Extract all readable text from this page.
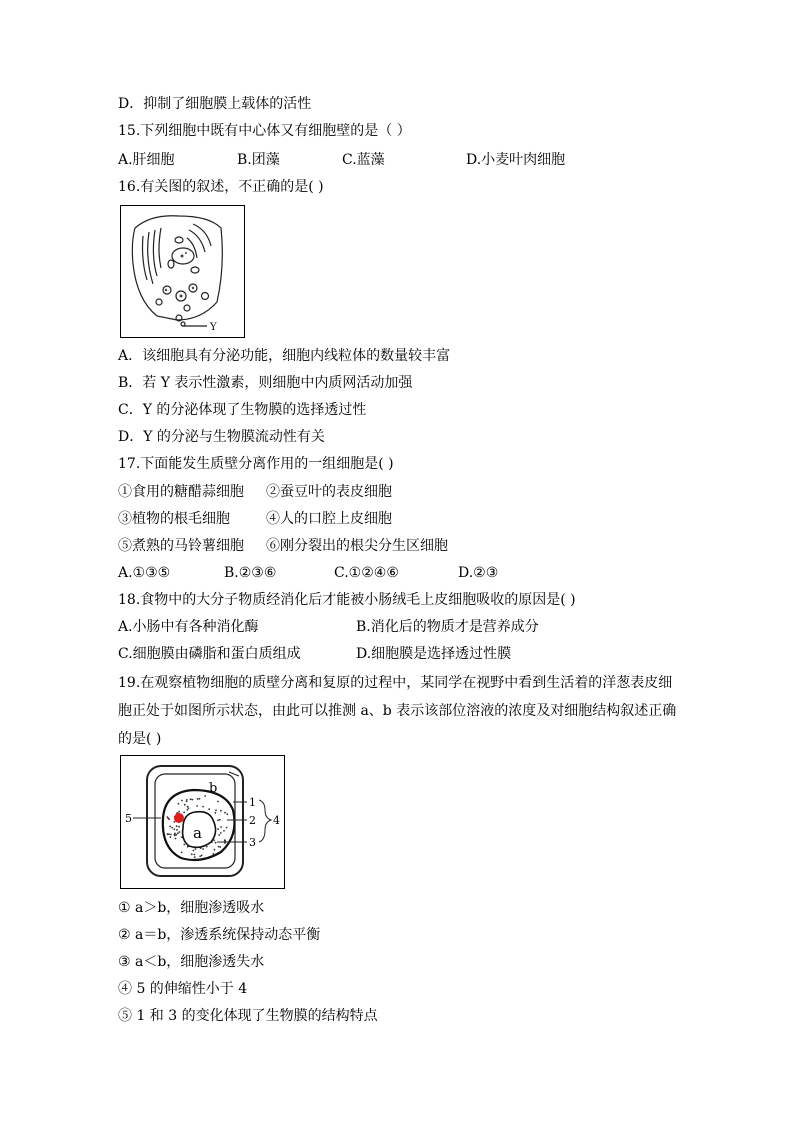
D．抑制了细胞膜上载体的活性
15.下列细胞中既有中心体又有细胞壁的是（ ）
A.肝细胞	B.团藻	C.蓝藻	D.小麦叶肉细胞
16.有关图的叙述，不正确的是( )
Y
A．该细胞具有分泌功能，细胞内线粒体的数量较丰富
B．若 Y 表示性激素，则细胞中内质网活动加强
C．Y 的分泌体现了生物膜的选择透过性
D．Y 的分泌与生物膜流动性有关
17.下面能发生质壁分离作用的一组细胞是( )
①食用的糖醋蒜细胞 ②蚕豆叶的表皮细胞
③植物的根毛细胞	④人的口腔上皮细胞
⑤煮熟的马铃薯细胞 ⑥刚分裂出的根尖分生区细胞
A.①③⑤	B.②③⑥	C.①②④⑥	D.②③
18.食物中的大分子物质经消化后才能被小肠绒毛上皮细胞吸收的原因是( )
A.小肠中有各种消化酶	B.消化后的物质才是营养成分
C.细胞膜由磷脂和蛋白质组成	D.细胞膜是选择透过性膜
19.在观察植物细胞的质壁分离和复原的过程中，某同学在视野中看到生活着的洋葱表皮细
胞正处于如图所示状态，由此可以推测 a、b 表示该部位溶液的浓度及对细胞结构叙述正确
的是( )
a
b
1
2
3
4
5
① a＞b，细胞渗透吸水
② a＝b，渗透系统保持动态平衡
③ a＜b，细胞渗透失水
④ 5 的伸缩性小于 4
⑤ 1 和 3 的变化体现了生物膜的结构特点
